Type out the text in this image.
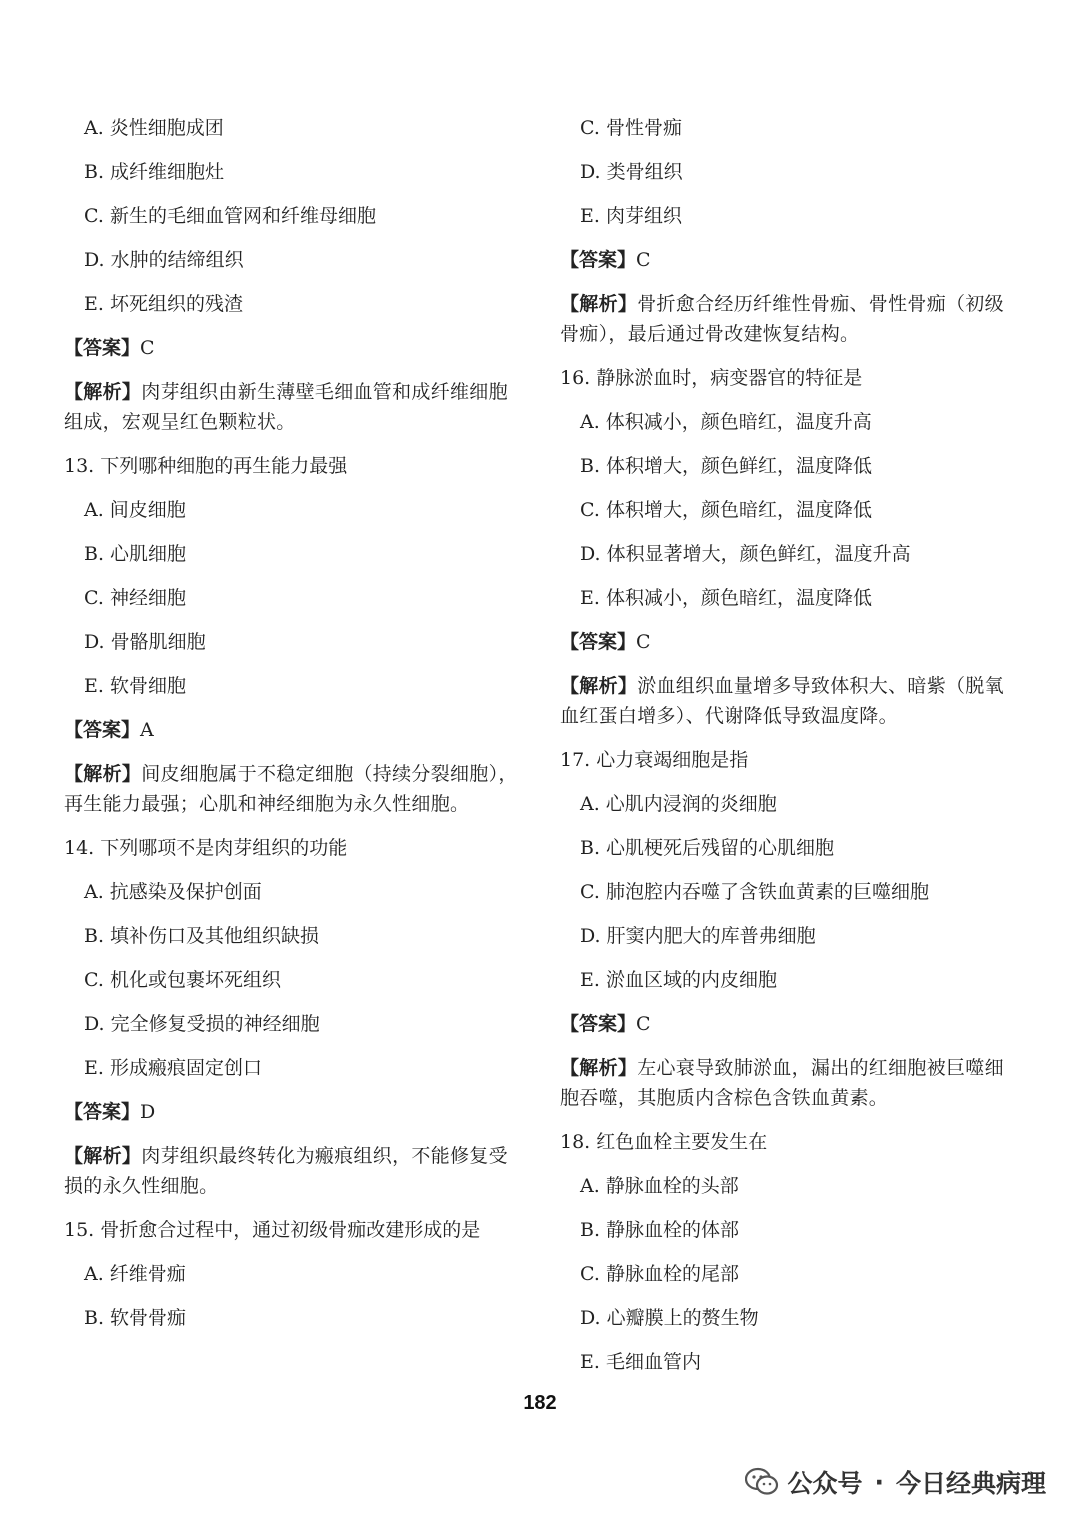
A. 炎性细胞成团

B. 成纤维细胞灶

C. 新生的毛细血管网和纤维母细胞

D. 水肿的结缔组织

E. 坏死组织的残渣

【答案】C

【解析】肉芽组织由新生薄壁毛细血管和成纤维细胞组成，宏观呈红色颗粒状。

13. 下列哪种细胞的再生能力最强

A. 间皮细胞

B. 心肌细胞

C. 神经细胞

D. 骨骼肌细胞

E. 软骨细胞

【答案】A

【解析】间皮细胞属于不稳定细胞（持续分裂细胞），再生能力最强；心肌和神经细胞为永久性细胞。

14. 下列哪项不是肉芽组织的功能

A. 抗感染及保护创面

B. 填补伤口及其他组织缺损

C. 机化或包裹坏死组织

D. 完全修复受损的神经细胞

E. 形成瘢痕固定创口

【答案】D

【解析】肉芽组织最终转化为瘢痕组织，不能修复受损的永久性细胞。

15. 骨折愈合过程中，通过初级骨痂改建形成的是

A. 纤维骨痂

B. 软骨骨痂

C. 骨性骨痂

D. 类骨组织

E. 肉芽组织

【答案】C

【解析】骨折愈合经历纤维性骨痂、骨性骨痂（初级骨痂），最后通过骨改建恢复结构。

16. 静脉淤血时，病变器官的特征是

A. 体积减小，颜色暗红，温度升高

B. 体积增大，颜色鲜红，温度降低

C. 体积增大，颜色暗红，温度降低

D. 体积显著增大，颜色鲜红，温度升高

E. 体积减小，颜色暗红，温度降低

【答案】C

【解析】淤血组织血量增多导致体积大、暗紫（脱氧血红蛋白增多）、代谢降低导致温度降。

17. 心力衰竭细胞是指

A. 心肌内浸润的炎细胞

B. 心肌梗死后残留的心肌细胞

C. 肺泡腔内吞噬了含铁血黄素的巨噬细胞

D. 肝窦内肥大的库普弗细胞

E. 淤血区域的内皮细胞

【答案】C

【解析】左心衰导致肺淤血，漏出的红细胞被巨噬细胞吞噬，其胞质内含棕色含铁血黄素。

18. 红色血栓主要发生在

A. 静脉血栓的头部

B. 静脉血栓的体部

C. 静脉血栓的尾部

D. 心瓣膜上的赘生物

E. 毛细血管内

182
公众号 · 今日经典病理
